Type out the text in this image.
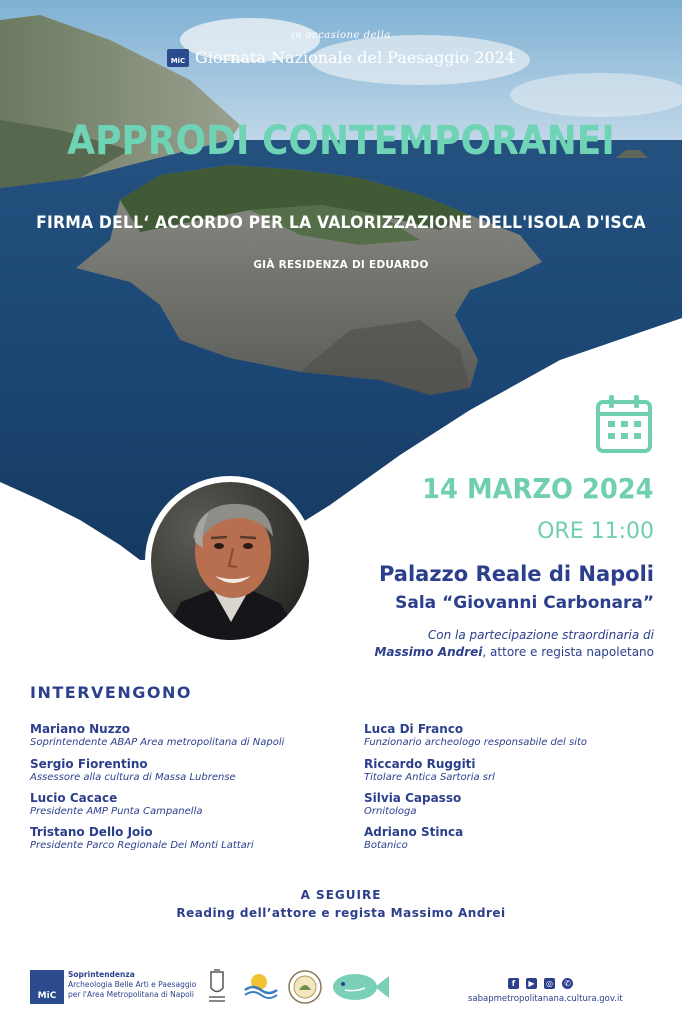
in occasione della
MiC Giornata Nazionale del Paesaggio 2024
APPRODI CONTEMPORANEI
FIRMA DELL‘ ACCORDO PER LA VALORIZZAZIONE DELL'ISOLA D'ISCA
GIÀ RESIDENZA DI EDUARDO
14 MARZO 2024
ORE 11:00
Palazzo Reale di Napoli
Sala “Giovanni Carbonara”
Con la partecipazione straordinaria di
Massimo Andrei, attore e regista napoletano
INTERVENGONO
Mariano Nuzzo
Soprintendente ABAP Area metropolitana di Napoli
Sergio Fiorentino
Assessore alla cultura di Massa Lubrense
Lucio Cacace
Presidente AMP Punta Campanella
Tristano Dello Joio
Presidente Parco Regionale Dei Monti Lattari
Luca Di Franco
Funzionario archeologo responsabile del sito
Riccardo Ruggiti
Titolare Antica Sartoria srl
Silvia Capasso
Ornitologa
Adriano Stinca
Botanico
A SEGUIRE
Reading dell’attore e regista Massimo Andrei
MiC
Soprintendenza
Archeologia Belle Arti e Paesaggio
per l'Area Metropolitana di Napoli
f	▶	◎ ✆
sabapmetropolitanana.cultura.gov.it
